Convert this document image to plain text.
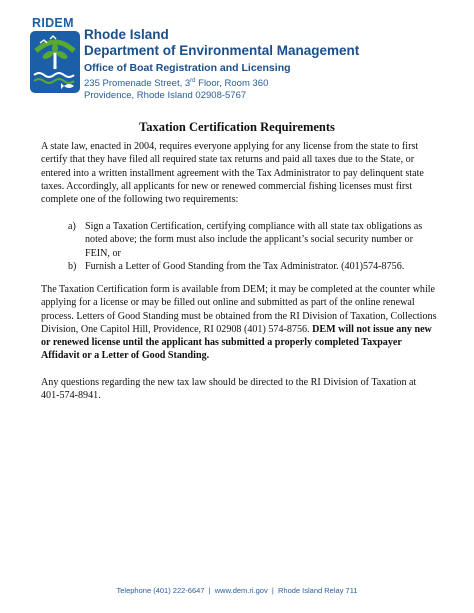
RIDEM
Rhode Island
Department of Environmental Management
Office of Boat Registration and Licensing
235 Promenade Street, 3rd Floor, Room 360
Providence, Rhode Island 02908-5767
Taxation Certification Requirements
A state law, enacted in 2004, requires everyone applying for any license from the state to first certify that they have filed all required state tax returns and paid all taxes due to the State, or entered into a written installment agreement with the Tax Administrator to pay delinquent state taxes. Accordingly, all applicants for new or renewed commercial fishing licenses must first complete one of the following two requirements:
a) Sign a Taxation Certification, certifying compliance with all state tax obligations as noted above; the form must also include the applicant’s social security number or FEIN, or
b) Furnish a Letter of Good Standing from the Tax Administrator. (401)574-8756.
The Taxation Certification form is available from DEM; it may be completed at the counter while applying for a license or may be filled out online and submitted as part of the online renewal process. Letters of Good Standing must be obtained from the RI Division of Taxation, Collections Division, One Capitol Hill, Providence, RI 02908 (401) 574-8756. DEM will not issue any new or renewed license until the applicant has submitted a properly completed Taxpayer Affidavit or a Letter of Good Standing.
Any questions regarding the new tax law should be directed to the RI Division of Taxation at 401-574-8941.
Telephone (401) 222-6647  |  www.dem.ri.gov  |  Rhode Island Relay 711
